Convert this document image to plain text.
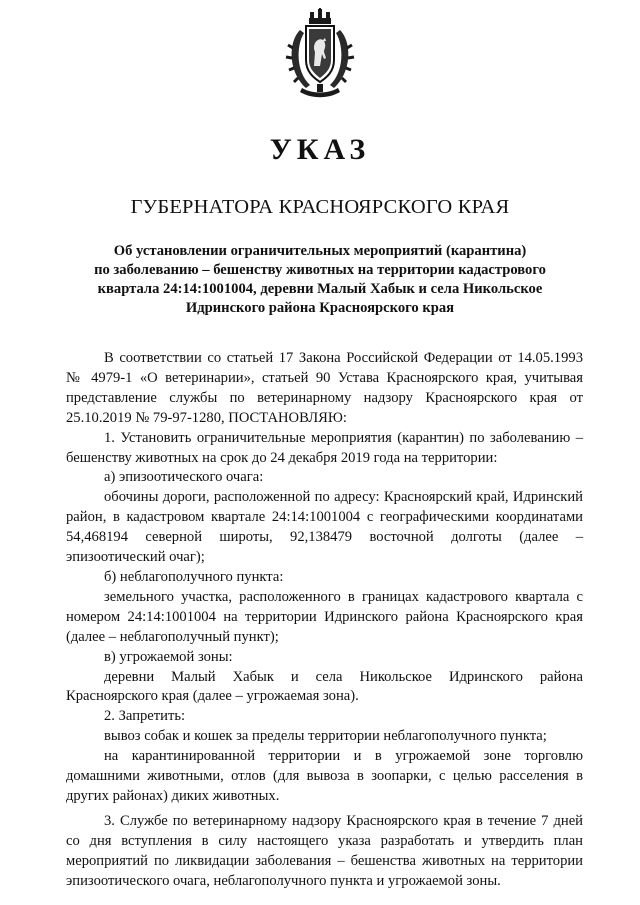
УКАЗ
ГУБЕРНАТОРА КРАСНОЯРСКОГО КРАЯ
Об установлении ограничительных мероприятий (карантина)
по заболеванию – бешенству животных на территории кадастрового
квартала 24:14:1001004, деревни Малый Хабык и села Никольское
Идринского района Красноярского края

В соответствии со статьей 17 Закона Российской Федерации от 14.05.1993 № 4979-1 «О ветеринарии», статьей 90 Устава Красноярского края, учитывая представление службы по ветеринарному надзору Красноярского края от 25.10.2019 № 79-97-1280, ПОСТАНОВЛЯЮ:

1. Установить ограничительные мероприятия (карантин) по заболеванию – бешенству животных на срок до 24 декабря 2019 года на территории:

а) эпизоотического очага:

обочины дороги, расположенной по адресу: Красноярский край, Идринский район, в кадастровом квартале 24:14:1001004 с географическими координатами 54,468194 северной широты, 92,138479 восточной долготы (далее – эпизоотический очаг);

б) неблагополучного пункта:

земельного участка, расположенного в границах кадастрового квартала с номером 24:14:1001004 на территории Идринского района Красноярского края (далее – неблагополучный пункт);

в) угрожаемой зоны:

деревни Малый Хабык и села Никольское Идринского района Красноярского края (далее – угрожаемая зона).

2. Запретить:

вывоз собак и кошек за пределы территории неблагополучного пункта;

на карантинированной территории и в угрожаемой зоне торговлю домашними животными, отлов (для вывоза в зоопарки, с целью расселения в других районах) диких животных.

3. Службе по ветеринарному надзору Красноярского края в течение 7 дней со дня вступления в силу настоящего указа разработать и утвердить план мероприятий по ликвидации заболевания – бешенства животных на территории эпизоотического очага, неблагополучного пункта и угрожаемой зоны.
